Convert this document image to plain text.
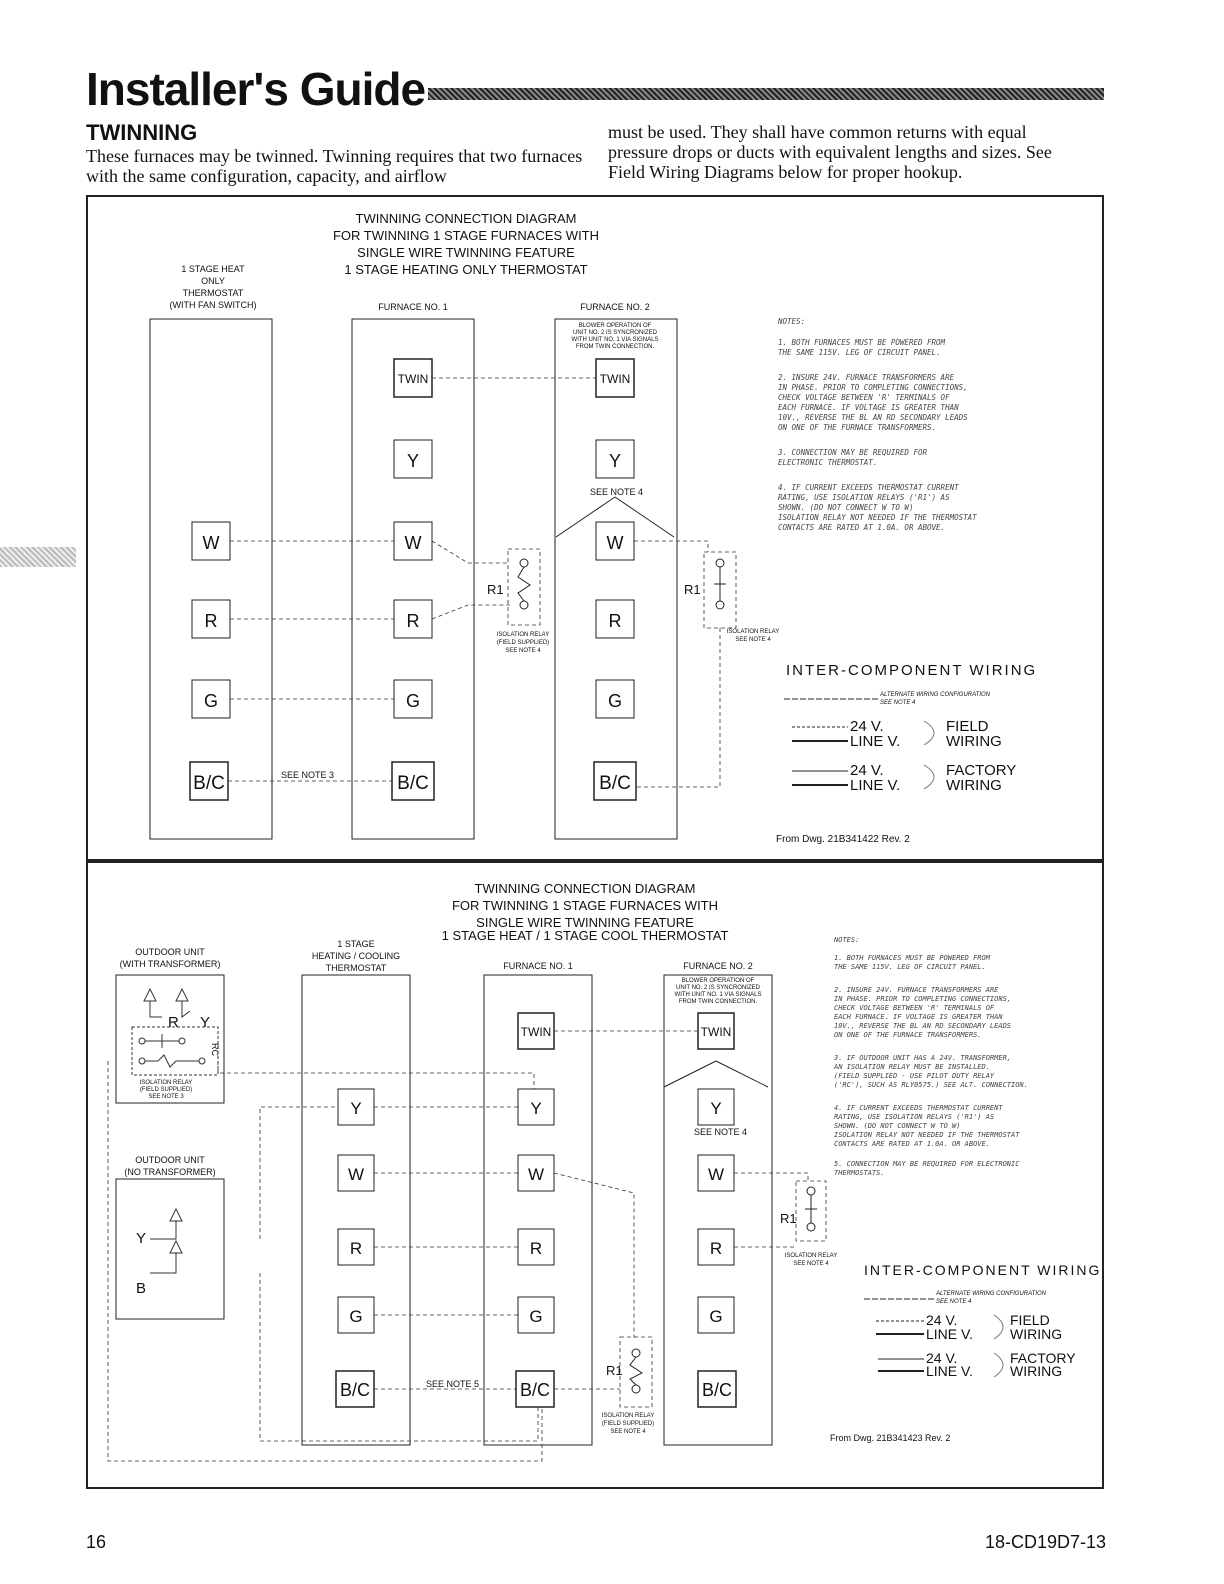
Installer's Guide
TWINNING
These furnaces may be twinned. Twinning requires that two furnaces with the same configuration, capacity, and airflow
must be used. They shall have common returns with equal pressure drops or ducts with equivalent lengths and sizes. See Field Wiring Diagrams below for proper hookup.
TWINNING CONNECTION DIAGRAM
FOR TWINNING 1 STAGE FURNACES WITH
SINGLE WIRE TWINNING FEATURE
1 STAGE HEATING ONLY THERMOSTAT
1 STAGE HEAT
ONLY
THERMOSTAT
(WITH FAN SWITCH)	FURNACE NO. 1	FURNACE NO. 2
BLOWER OPERATION OF
UNIT NO. 2 IS SYNCRONIZED
WITH UNIT NO. 1 VIA SIGNALS
FROM TWIN CONNECTION.
TWIN	TWIN
Y	Y
W	W	W
R	R	R
G	G	G
B/C	B/C	B/C
SEE NOTE 3
SEE NOTE 4
R1	R1
ISOLATION RELAY
(FIELD SUPPLIED)
SEE NOTE 4
ISOLATION RELAY
SEE NOTE 4
NOTES:
1. BOTH FURNACES MUST BE POWERED FROM
THE SAME 115V. LEG OF CIRCUIT PANEL.
2. INSURE 24V. FURNACE TRANSFORMERS ARE
IN PHASE. PRIOR TO COMPLETING CONNECTIONS,
CHECK VOLTAGE BETWEEN 'R' TERMINALS OF
EACH FURNACE. IF VOLTAGE IS GREATER THAN
10V., REVERSE THE BL AN RD SECONDARY LEADS
ON ONE OF THE FURNACE TRANSFORMERS.
3. CONNECTION MAY BE REQUIRED FOR
ELECTRONIC THERMOSTAT.
4. IF CURRENT EXCEEDS THERMOSTAT CURRENT
RATING, USE ISOLATION RELAYS ('R1') AS
SHOWN. (DO NOT CONNECT W TO W)
ISOLATION RELAY NOT NEEDED IF THE THERMOSTAT
CONTACTS ARE RATED AT 1.0A. OR ABOVE.
INTER-COMPONENT WIRING
ALTERNATE WIRING CONFIGURATION
SEE NOTE 4
24 V.
LINE V.
FIELD
WIRING
24 V.
LINE V.
FACTORY
WIRING
From Dwg. 21B341422 Rev. 2
TWINNING CONNECTION DIAGRAM
FOR TWINNING 1 STAGE FURNACES WITH
SINGLE WIRE TWINNING FEATURE
1 STAGE HEAT / 1 STAGE COOL THERMOSTAT
OUTDOOR UNIT
(WITH TRANSFORMER)
OUTDOOR UNIT
(NO TRANSFORMER)
1 STAGE
HEATING / COOLING
THERMOSTAT	FURNACE NO. 1	FURNACE NO. 2
BLOWER OPERATION OF
UNIT NO. 2 IS SYNCRONIZED
WITH UNIT NO. 1 VIA SIGNALS
FROM TWIN CONNECTION.
TWIN	TWIN
Y	Y	Y
W	W	W
R	R	R
G	G	G
B/C	B/C	B/C
R Y
Y
B
RC
ISOLATION RELAY
(FIELD SUPPLIED)
SEE NOTE 3
SEE NOTE 5
SEE NOTE 4
R1
R1
ISOLATION RELAY
(FIELD SUPPLIED)
SEE NOTE 4
ISOLATION RELAY
SEE NOTE 4
NOTES:
1. BOTH FURNACES MUST BE POWERED FROM
THE SAME 115V. LEG OF CIRCUIT PANEL.
2. INSURE 24V. FURNACE TRANSFORMERS ARE
IN PHASE. PRIOR TO COMPLETING CONNECTIONS,
CHECK VOLTAGE BETWEEN 'R' TERMINALS OF
EACH FURNACE. IF VOLTAGE IS GREATER THAN
10V., REVERSE THE BL AN RD SECONDARY LEADS
ON ONE OF THE FURNACE TRANSFORMERS.
3. IF OUTDOOR UNIT HAS A 24V. TRANSFORMER,
AN ISOLATION RELAY MUST BE INSTALLED.
(FIELD SUPPLIED - USE PILOT DUTY RELAY
('RC'), SUCH AS RLY0575.) SEE ALT. CONNECTION.
4. IF CURRENT EXCEEDS THERMOSTAT CURRENT
RATING, USE ISOLATION RELAYS ('R1') AS
SHOWN. (DO NOT CONNECT W TO W)
ISOLATION RELAY NOT NEEDED IF THE THERMOSTAT
CONTACTS ARE RATED AT 1.0A. OR ABOVE.
5. CONNECTION MAY BE REQUIRED FOR ELECTRONIC
THERMOSTATS.
INTER-COMPONENT WIRING
ALTERNATE WIRING CONFIGURATION
SEE NOTE 4
24 V.
LINE V.
FIELD
WIRING
24 V.
LINE V.
FACTORY
WIRING
From Dwg. 21B341423 Rev. 2
16	18-CD19D7-13
